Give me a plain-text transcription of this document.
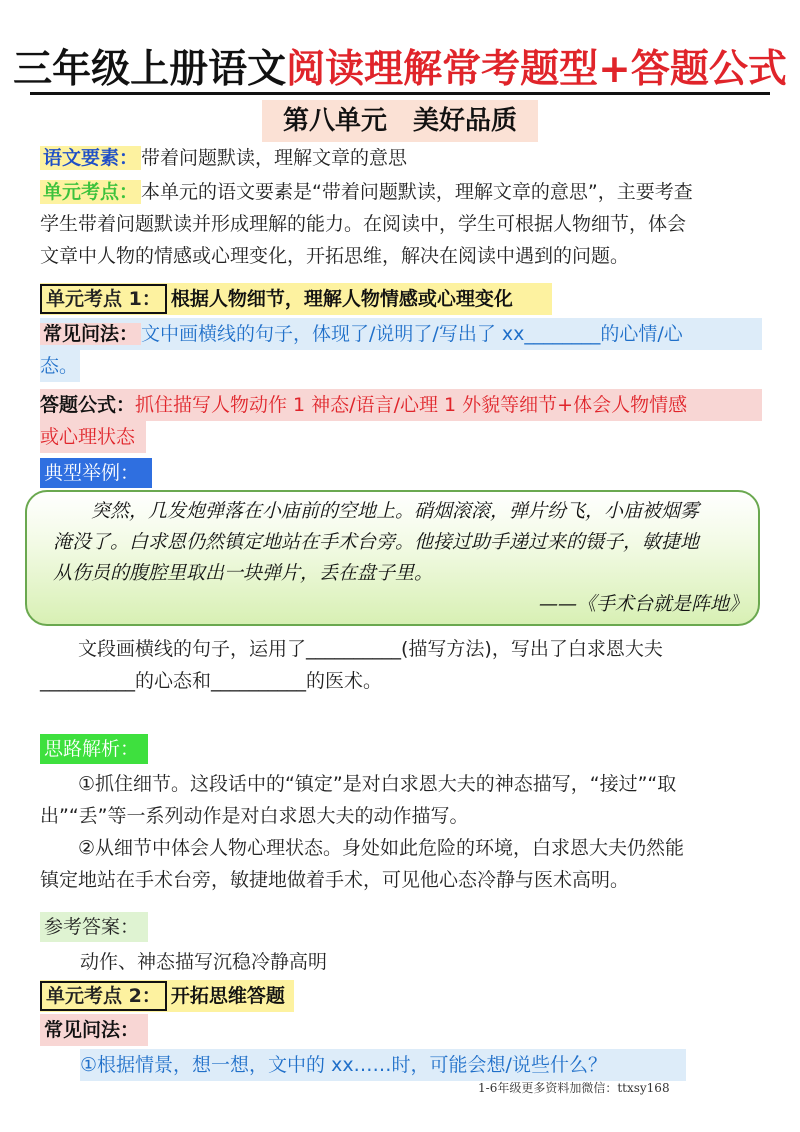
三年级上册语文阅读理解常考题型+答题公式
第八单元　美好品质
语文要素： 带着问题默读，理解文章的意思

单元考点： 本单元的语文要素是“带着问题默读，理解文章的意思”，主要考查

学生带着问题默读并形成理解的能力。在阅读中，学生可根据人物细节，体会

文章中人物的情感或心理变化，开拓思维，解决在阅读中遇到的问题。

单元考点 1： 根据人物细节，理解人物情感或心理变化
常见问法： 文中画横线的句子，体现了/说明了/写出了 xx________的心情/心
态。
答题公式：抓住描写人物动作 1 神态/语言/心理 1 外貌等细节+体会人物情感
或心理状态
典型举例：

突然，几发炮弹落在小庙前的空地上。硝烟滚滚，弹片纷飞，小庙被烟雾

淹没了。白求恩仍然镇定地站在手术台旁。他接过助手递过来的镊子，敏捷地

从伤员的腹腔里取出一块弹片，丢在盘子里。

——《手术台就是阵地》

文段画横线的句子，运用了__________(描写方法)，写出了白求恩大夫

__________的心态和__________的医术。

思路解析：

①抓住细节。这段话中的“镇定”是对白求恩大夫的神态描写，“接过”“取

出”“丢”等一系列动作是对白求恩大夫的动作描写。

②从细节中体会人物心理状态。身处如此危险的环境，白求恩大夫仍然能

镇定地站在手术台旁，敏捷地做着手术，可见他心态冷静与医术高明。

参考答案：
动作、神态描写沉稳冷静高明
单元考点 2： 开拓思维答题
常见问法：
①根据情景，想一想，文中的 xx……时，可能会想/说些什么？
1-6年级更多资料加微信：ttxsy168
